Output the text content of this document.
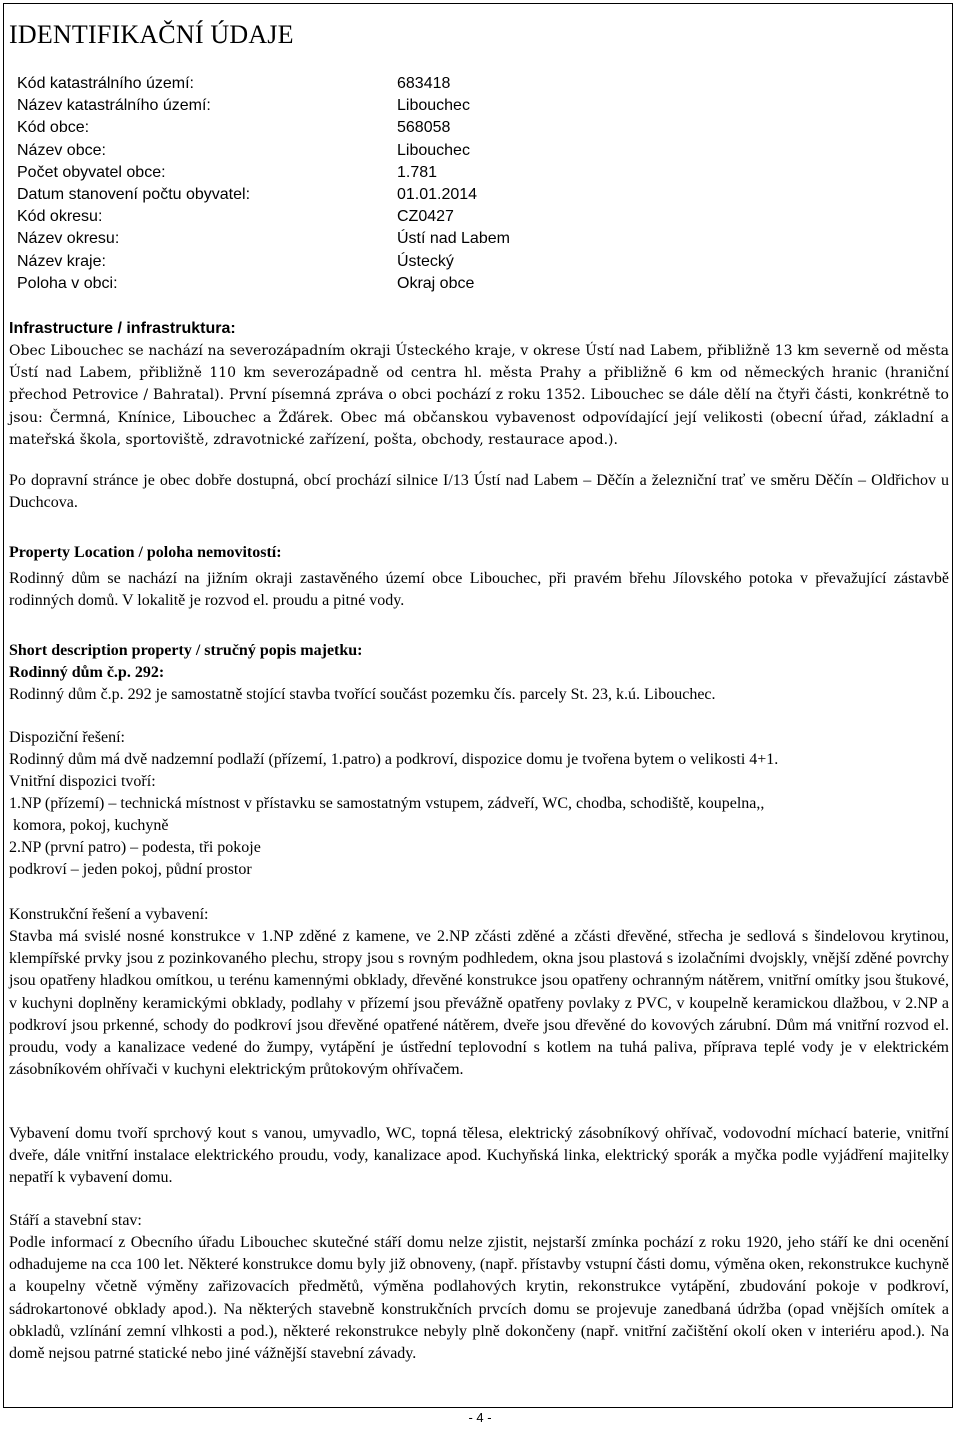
IDENTIFIKAČNÍ ÚDAJE
Kód katastrálního území:	683418
Název katastrálního území:	Libouchec
Kód obce:	568058
Název obce:	Libouchec
Počet obyvatel obce:	1.781
Datum stanovení počtu obyvatel:	01.01.2014
Kód okresu:	CZ0427
Název okresu:	Ústí nad Labem
Název kraje:	Ústecký
Poloha v obci:	Okraj obce

Infrastructure / infrastruktura:

Obec Libouchec se nachází na severozápadním okraji Ústeckého kraje, v okrese Ústí nad Labem, přibližně 13 km severně od města Ústí nad Labem, přibližně 110 km severozápadně od centra hl. města Prahy a přibližně 6 km od německých hranic (hraniční přechod Petrovice / Bahratal). První písemná zpráva o obci pochází z roku 1352. Libouchec se dále dělí na čtyři části, konkrétně to jsou: Čermná, Knínice, Libouchec a Žďárek. Obec má občanskou vybavenost odpovídající její velikosti (obecní úřad, základní a mateřská škola, sportoviště, zdravotnické zařízení, pošta, obchody, restaurace apod.).

Po dopravní stránce je obec dobře dostupná, obcí prochází silnice I/13 Ústí nad Labem – Děčín a železniční trať ve směru Děčín – Oldřichov u Duchcova.

Property Location / poloha nemovitostí:

Rodinný dům se nachází na jižním okraji zastavěného území obce Libouchec, při pravém břehu Jílovského potoka v převažující zástavbě rodinných domů. V lokalitě je rozvod el. proudu a pitné vody.

Short description property / stručný popis majetku:

Rodinný dům č.p. 292:

Rodinný dům č.p. 292 je samostatně stojící stavba tvořící součást pozemku čís. parcely St. 23, k.ú. Libouchec.

Dispoziční řešení:

Rodinný dům má dvě nadzemní podlaží (přízemí, 1.patro) a podkroví, dispozice domu je tvořena bytem o velikosti 4+1.

Vnitřní dispozici tvoří:

1.NP (přízemí) – technická místnost v přístavku se samostatným vstupem, zádveří, WC, chodba, schodiště, koupelna,,

komora, pokoj, kuchyně

2.NP (první patro) – podesta, tři pokoje

podkroví – jeden pokoj, půdní prostor

Konstrukční řešení a vybavení:

Stavba má svislé nosné konstrukce v 1.NP zděné z kamene, ve 2.NP zčásti zděné a zčásti dřevěné, střecha je sedlová s šindelovou krytinou, klempířské prvky jsou z pozinkovaného plechu, stropy jsou s rovným podhledem, okna jsou plastová s izolačními dvojskly, vnější zděné povrchy jsou opatřeny hladkou omítkou, u terénu kamennými obklady, dřevěné konstrukce jsou opatřeny ochranným nátěrem, vnitřní omítky jsou štukové, v kuchyni doplněny keramickými obklady, podlahy v přízemí jsou převážně opatřeny povlaky z PVC, v koupelně keramickou dlažbou, v 2.NP a podkroví jsou prkenné, schody do podkroví jsou dřevěné opatřené nátěrem, dveře jsou dřevěné do kovových zárubní. Dům má vnitřní rozvod el. proudu, vody a kanalizace vedené do žumpy, vytápění je ústřední teplovodní s kotlem na tuhá paliva, příprava teplé vody je v elektrickém zásobníkovém ohřívači v kuchyni elektrickým průtokovým ohřívačem.

Vybavení domu tvoří sprchový kout s vanou, umyvadlo, WC, topná tělesa, elektrický zásobníkový ohřívač, vodovodní míchací baterie, vnitřní dveře, dále vnitřní instalace elektrického proudu, vody, kanalizace apod. Kuchyňská linka, elektrický sporák a myčka podle vyjádření majitelky nepatří k vybavení domu.

Stáří a stavební stav:

Podle informací z Obecního úřadu Libouchec skutečné stáří domu nelze zjistit, nejstarší zmínka pochází z roku 1920, jeho stáří ke dni ocenění odhadujeme na cca 100 let. Některé konstrukce domu byly již obnoveny, (např. přístavby vstupní části domu, výměna oken, rekonstrukce kuchyně a koupelny včetně výměny zařizovacích předmětů, výměna podlahových krytin, rekonstrukce vytápění, zbudování pokoje v podkroví, sádrokartonové obklady apod.). Na některých stavebně konstrukčních prvcích domu se projevuje zanedbaná údržba (opad vnějších omítek a obkladů, vzlínání zemní vlhkosti a pod.), některé rekonstrukce nebyly plně dokončeny (např. vnitřní začištění okolí oken v interiéru apod.). Na domě nejsou patrné statické nebo jiné vážnější stavební závady.

- 4 -
